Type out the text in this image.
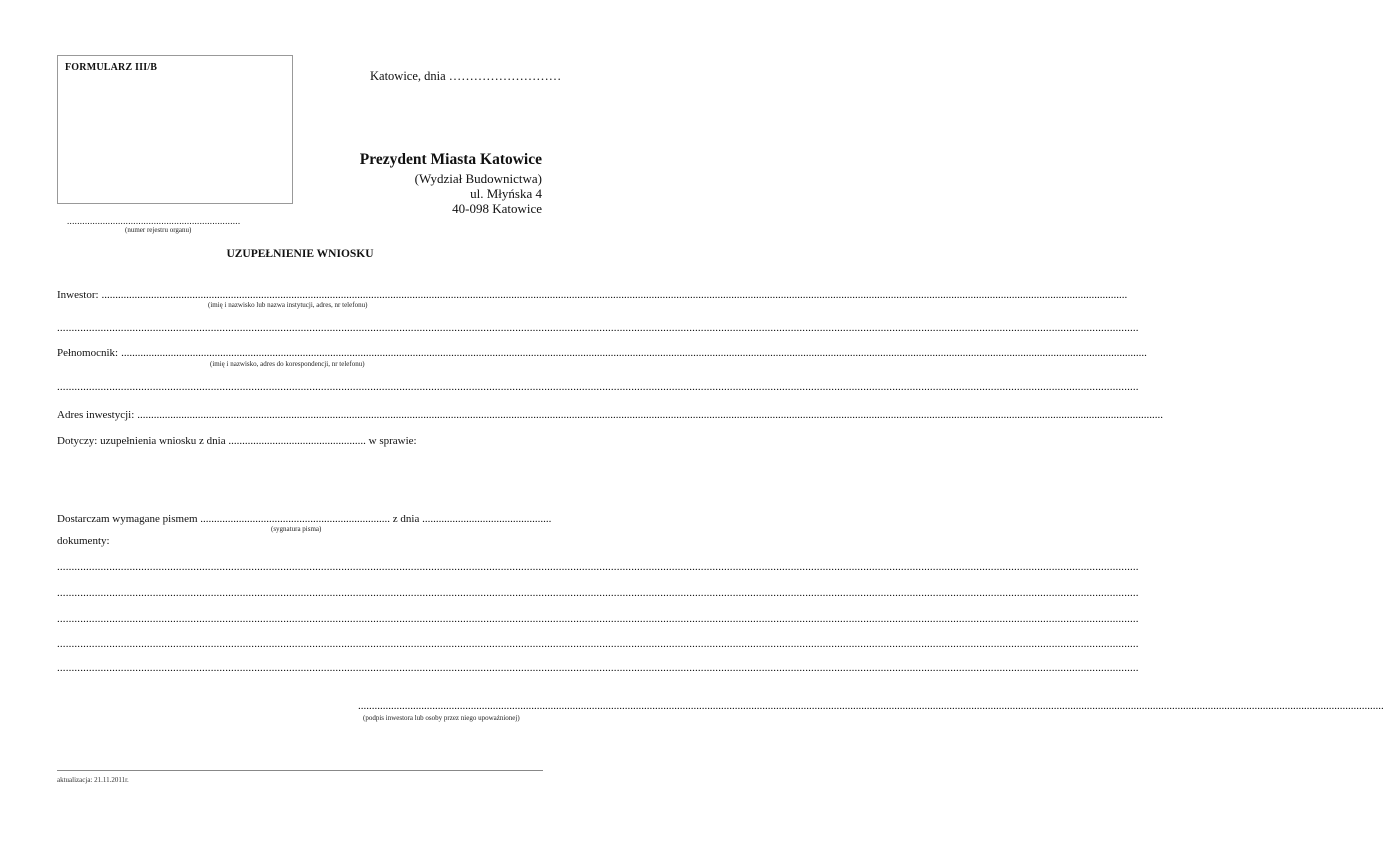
FORMULARZ III/B
Katowice, dnia ………………………
Prezydent Miasta Katowice
(Wydział Budownictwa)
ul. Młyńska 4
40-098 Katowice
....................................................................
(numer rejestru organu)
UZUPEŁNIENIE WNIOSKU
Inwestor: .....................................................................................................................................................................................................................................................................................................................................................................................
(imię i nazwisko lub nazwa instytucji, adres, nr telefonu)
.....................................................................................................................................................................................................................................................................................................................................................................................
Pełnomocnik: .....................................................................................................................................................................................................................................................................................................................................................................................
(imię i nazwisko, adres do korespondencji, nr telefonu)
.....................................................................................................................................................................................................................................................................................................................................................................................
Adres inwestycji: .....................................................................................................................................................................................................................................................................................................................................................................................
Dotyczy: uzupełnienia wniosku z dnia .................................................. w sprawie:
Dostarczam wymagane pismem ..................................................................... z dnia ...............................................
(sygnatura pisma)
dokumenty:
.....................................................................................................................................................................................................................................................................................................................................................................................
.....................................................................................................................................................................................................................................................................................................................................................................................
.....................................................................................................................................................................................................................................................................................................................................................................................
.....................................................................................................................................................................................................................................................................................................................................................................................
.....................................................................................................................................................................................................................................................................................................................................................................................
.....................................................................................................................................................................................................................................................................................................................................................................................
(podpis inwestora lub osoby przez niego upoważnionej)
aktualizacja: 21.11.2011r.
